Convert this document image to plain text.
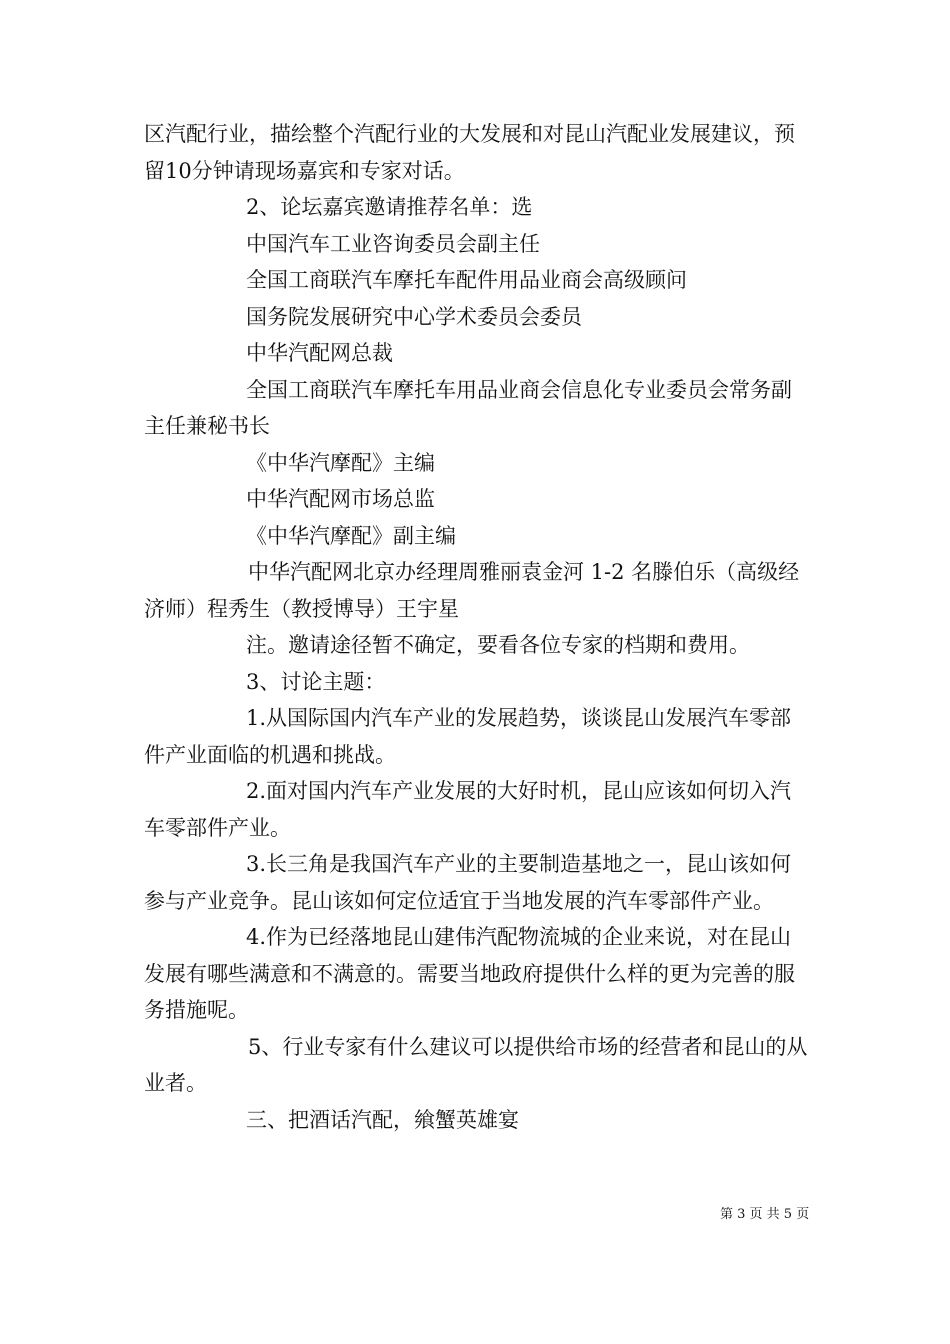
区汽配行业，描绘整个汽配行业的大发展和对昆山汽配业发展建议，预留10分钟请现场嘉宾和专家对话。

2、论坛嘉宾邀请推荐名单：选

中国汽车工业咨询委员会副主任

全国工商联汽车摩托车配件用品业商会高级顾问

国务院发展研究中心学术委员会委员

中华汽配网总裁

全国工商联汽车摩托车用品业商会信息化专业委员会常务副主任兼秘书长

《中华汽摩配》主编

中华汽配网市场总监

《中华汽摩配》副主编

中华汽配网北京办经理周雅丽袁金河 1-2 名滕伯乐（高级经济师）程秀生（教授博导）王宇星

注。邀请途径暂不确定，要看各位专家的档期和费用。

3、讨论主题：

1.从国际国内汽车产业的发展趋势，谈谈昆山发展汽车零部件产业面临的机遇和挑战。

2.面对国内汽车产业发展的大好时机，昆山应该如何切入汽车零部件产业。

3.长三角是我国汽车产业的主要制造基地之一，昆山该如何参与产业竞争。昆山该如何定位适宜于当地发展的汽车零部件产业。

4.作为已经落地昆山建伟汽配物流城的企业来说，对在昆山发展有哪些满意和不满意的。需要当地政府提供什么样的更为完善的服务措施呢。

5、行业专家有什么建议可以提供给市场的经营者和昆山的从业者。

三、把酒话汽配，飨蟹英雄宴

第 3 页 共 5 页
